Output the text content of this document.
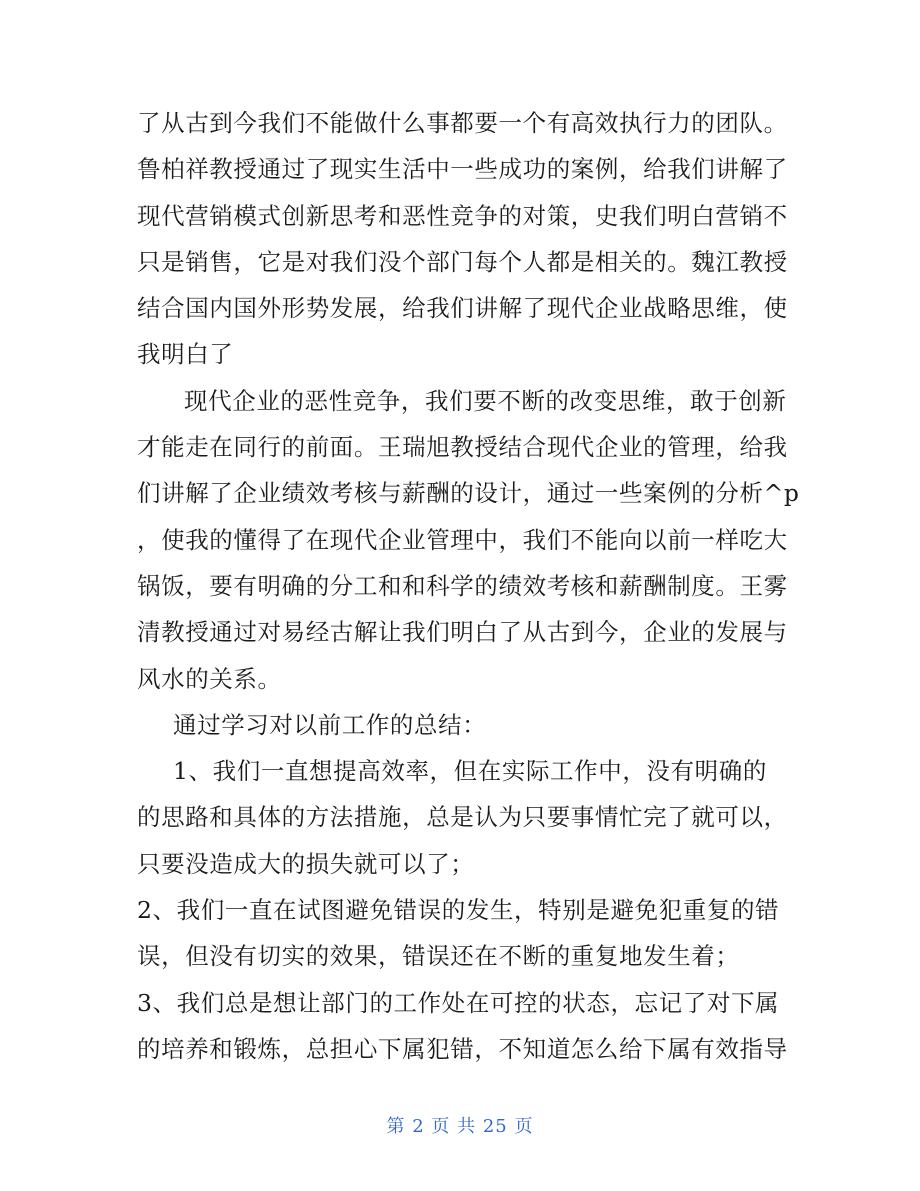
了从古到今我们不能做什么事都要一个有高效执行力的团队。
鲁柏祥教授通过了现实生活中一些成功的案例，给我们讲解了
现代营销模式创新思考和恶性竞争的对策，史我们明白营销不
只是销售，它是对我们没个部门每个人都是相关的。魏江教授
结合国内国外形势发展，给我们讲解了现代企业战略思维，使
我明白了
现代企业的恶性竞争，我们要不断的改变思维，敢于创新
才能走在同行的前面。王瑞旭教授结合现代企业的管理，给我
们讲解了企业绩效考核与薪酬的设计，通过一些案例的分析^p
，使我的懂得了在现代企业管理中，我们不能向以前一样吃大
锅饭，要有明确的分工和和科学的绩效考核和薪酬制度。王雾
清教授通过对易经古解让我们明白了从古到今，企业的发展与
风水的关系。
通过学习对以前工作的总结：
1、我们一直想提高效率，但在实际工作中，没有明确的
的思路和具体的方法措施，总是认为只要事情忙完了就可以，
只要没造成大的损失就可以了；
2、我们一直在试图避免错误的发生，特别是避免犯重复的错
误，但没有切实的效果，错误还在不断的重复地发生着；
3、我们总是想让部门的工作处在可控的状态，忘记了对下属
的培养和锻炼，总担心下属犯错，不知道怎么给下属有效指导
第 2 页 共 25 页
